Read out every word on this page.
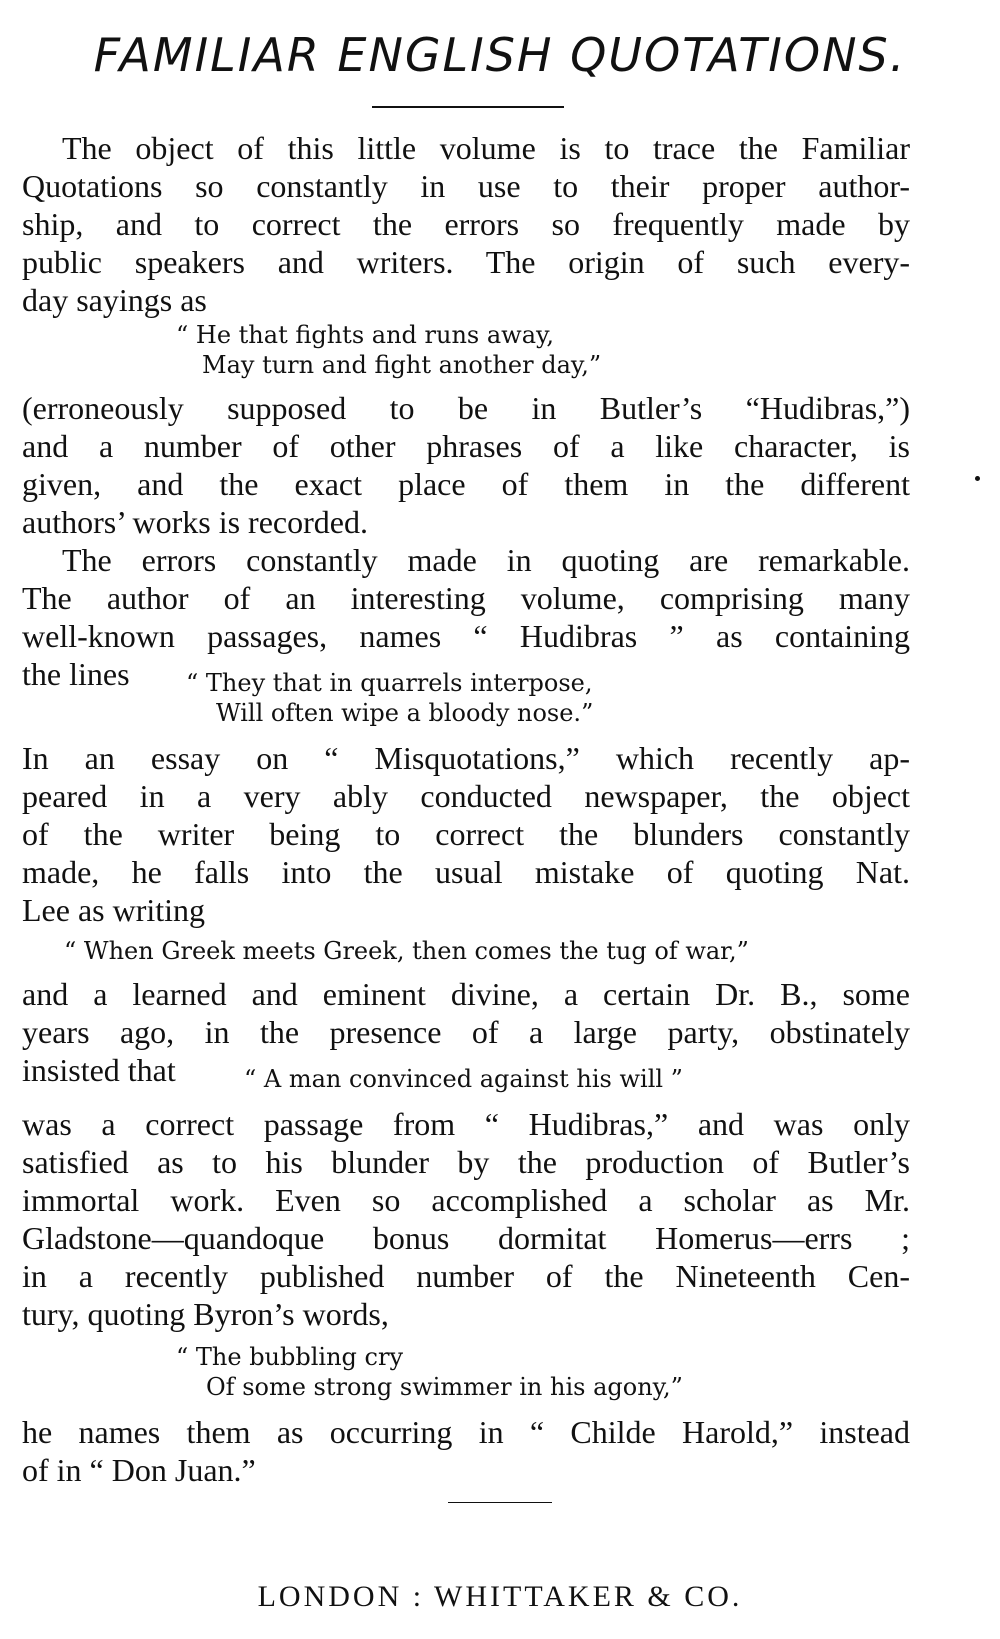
FAMILIAR ENGLISH QUOTATIONS.
The object of this little volume is to trace the Familiar
Quotations so constantly in use to their proper author-
ship, and to correct the errors so frequently made by
public speakers and writers. The origin of such every-
day sayings as
“ He that fights and runs away,
May turn and fight another day,”
(erroneously supposed to be in Butler’s “Hudibras,”)
and a number of other phrases of a like character, is
given, and the exact place of them in the different
authors’ works is recorded.
The errors constantly made in quoting are remarkable.
The author of an interesting volume, comprising many
well-known passages, names “ Hudibras ” as containing
the lines “ They that in quarrels interpose,
Will often wipe a bloody nose.”
In an essay on “ Misquotations,” which recently ap-
peared in a very ably conducted newspaper, the object
of the writer being to correct the blunders constantly
made, he falls into the usual mistake of quoting Nat.
Lee as writing
“ When Greek meets Greek, then comes the tug of war,”
and a learned and eminent divine, a certain Dr. B., some
years ago, in the presence of a large party, obstinately
insisted that	“ A man convinced against his will ”
was a correct passage from “ Hudibras,” and was only
satisfied as to his blunder by the production of Butler’s
immortal work. Even so accomplished a scholar as Mr.
Gladstone—quandoque bonus dormitat Homerus—errs ;
in a recently published number of the Nineteenth Cen-
tury, quoting Byron’s words,
“ The bubbling cry
Of some strong swimmer in his agony,”
he names them as occurring in “ Childe Harold,” instead
of in “ Don Juan.”
LONDON : WHITTAKER & CO.
